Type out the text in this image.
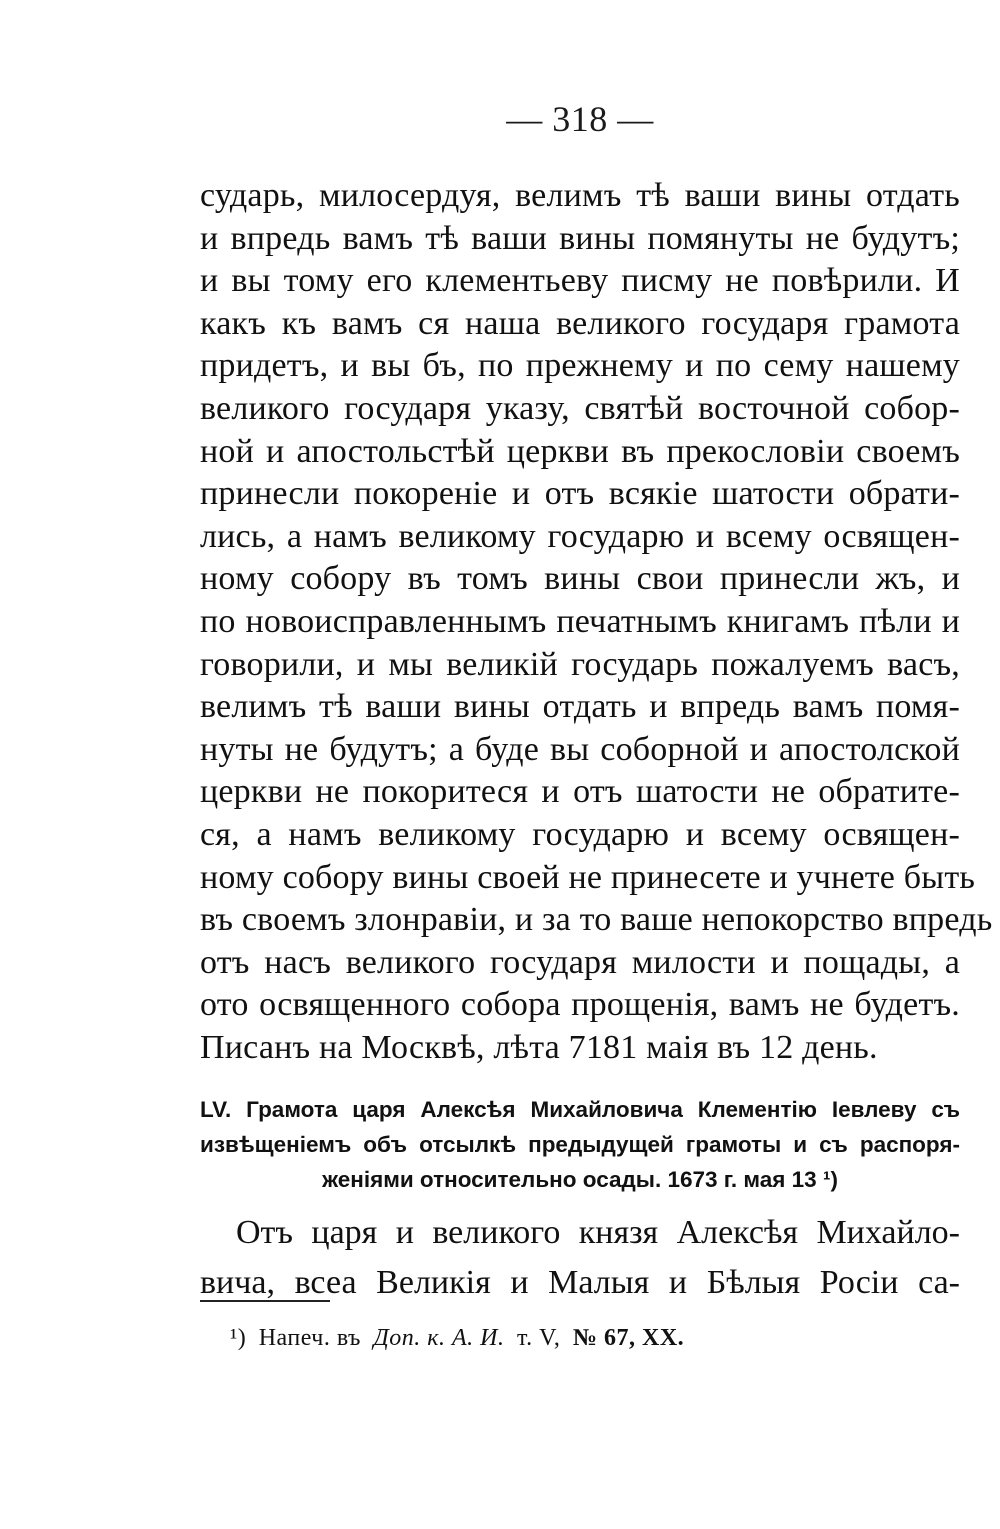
— 318 —
сударь, милосердуя, велимъ тѣ ваши вины отдать
и впредь вамъ тѣ ваши вины помянуты не будутъ;
и вы тому его клементьеву писму не повѣрили. И
какъ къ вамъ ся наша великого государя грамота
придетъ, и вы бъ, по прежнему и по сему нашему
великого государя указу, святѣй восточной собор-
ной и апостольстѣй церкви въ прекословіи своемъ
принесли покореніе и отъ всякіе шатости обрати-
лись, а намъ великому государю и всему освящен-
ному собору въ томъ вины свои принесли жъ, и
по новоисправленнымъ печатнымъ книгамъ пѣли и
говорили, и мы великій государь пожалуемъ васъ,
велимъ тѣ ваши вины отдать и впредь вамъ помя-
нуты не будутъ; а буде вы соборной и апостолской
церкви не покоритеся и отъ шатости не обратите-
ся, а намъ великому государю и всему освящен-
ному собору вины своей не принесете и учнете быть
въ своемъ злонравіи, и за то ваше непокорство впредь
отъ насъ великого государя милости и пощады, а
ото освященного собора прощенія, вамъ не будетъ.
Писанъ на Москвѣ, лѣта 7181 маія въ 12 день.
LV. Грамота царя Алексѣя Михайловича Клементію Іевлеву съ
извѣщеніемъ объ отсылкѣ предыдущей грамоты и съ распоря-
женіями относительно осады. 1673 г. мая 13 ¹)
Отъ царя и великого князя Алексѣя Михайло-
вича, всеа Великія и Малыя и Бѣлыя Росіи са-
¹) Напеч. въ Доп. к. А. И. т. V, № 67, XX.
